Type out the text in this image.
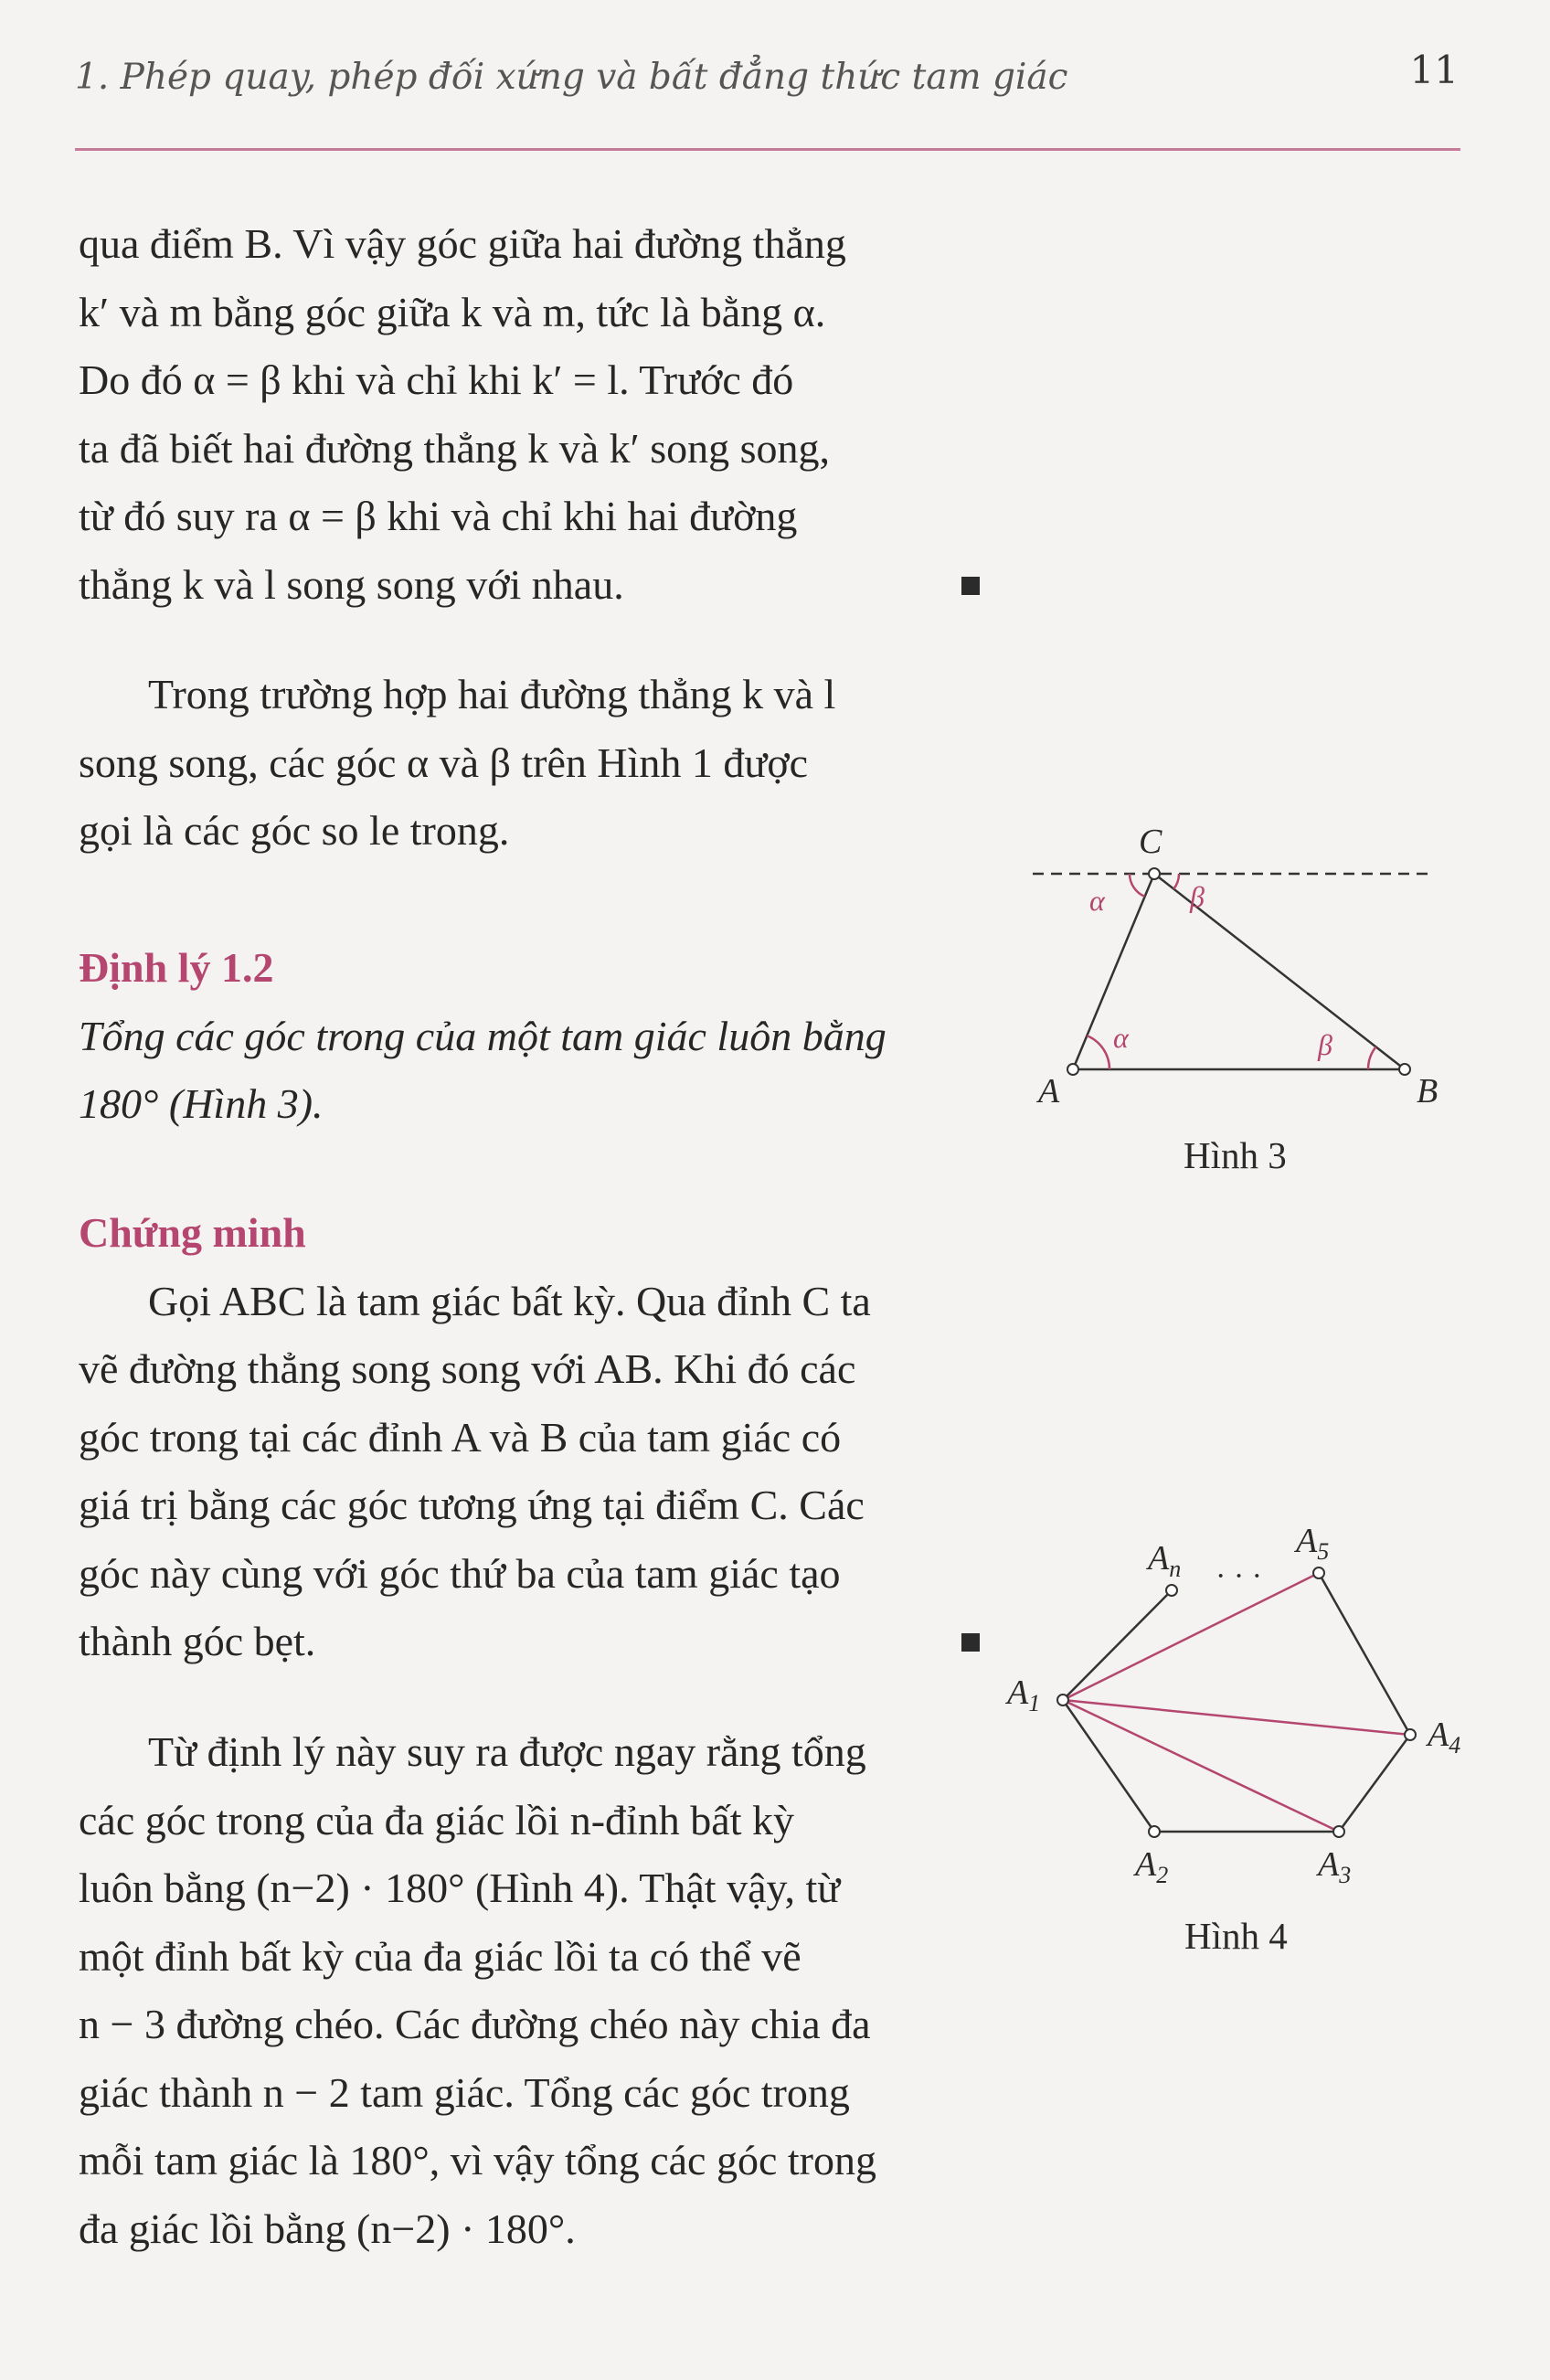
1. Phép quay, phép đối xứng và bất đẳng thức tam giác	11
qua điểm B. Vì vậy góc giữa hai đường thẳng
k′ và m bằng góc giữa k và m, tức là bằng α.
Do đó α = β khi và chỉ khi k′ = l. Trước đó
ta đã biết hai đường thẳng k và k′ song song,
từ đó suy ra α = β khi và chỉ khi hai đường
thẳng k và l song song với nhau.
Trong trường hợp hai đường thẳng k và l
song song, các góc α và β trên Hình 1 được
gọi là các góc so le trong.
Định lý 1.2
Tổng các góc trong của một tam giác luôn bằng
180° (Hình 3).
Chứng minh
Gọi ABC là tam giác bất kỳ. Qua đỉnh C ta
vẽ đường thẳng song song với AB. Khi đó các
góc trong tại các đỉnh A và B của tam giác có
giá trị bằng các góc tương ứng tại điểm C. Các
góc này cùng với góc thứ ba của tam giác tạo
thành góc bẹt.
Từ định lý này suy ra được ngay rằng tổng
các góc trong của đa giác lồi n-đỉnh bất kỳ
luôn bằng (n−2) · 180° (Hình 4). Thật vậy, từ
một đỉnh bất kỳ của đa giác lồi ta có thể vẽ
n − 3 đường chéo. Các đường chéo này chia đa
giác thành n − 2 tam giác. Tổng các góc trong
mỗi tam giác là 180°, vì vậy tổng các góc trong
đa giác lồi bằng (n−2) · 180°.
C
A	B
α	β
α	β
Hình 3
$A_n$ · · ·
$A_5$
$A_1$
$A_4$
$A_2$	$A_3$
Hình 4
